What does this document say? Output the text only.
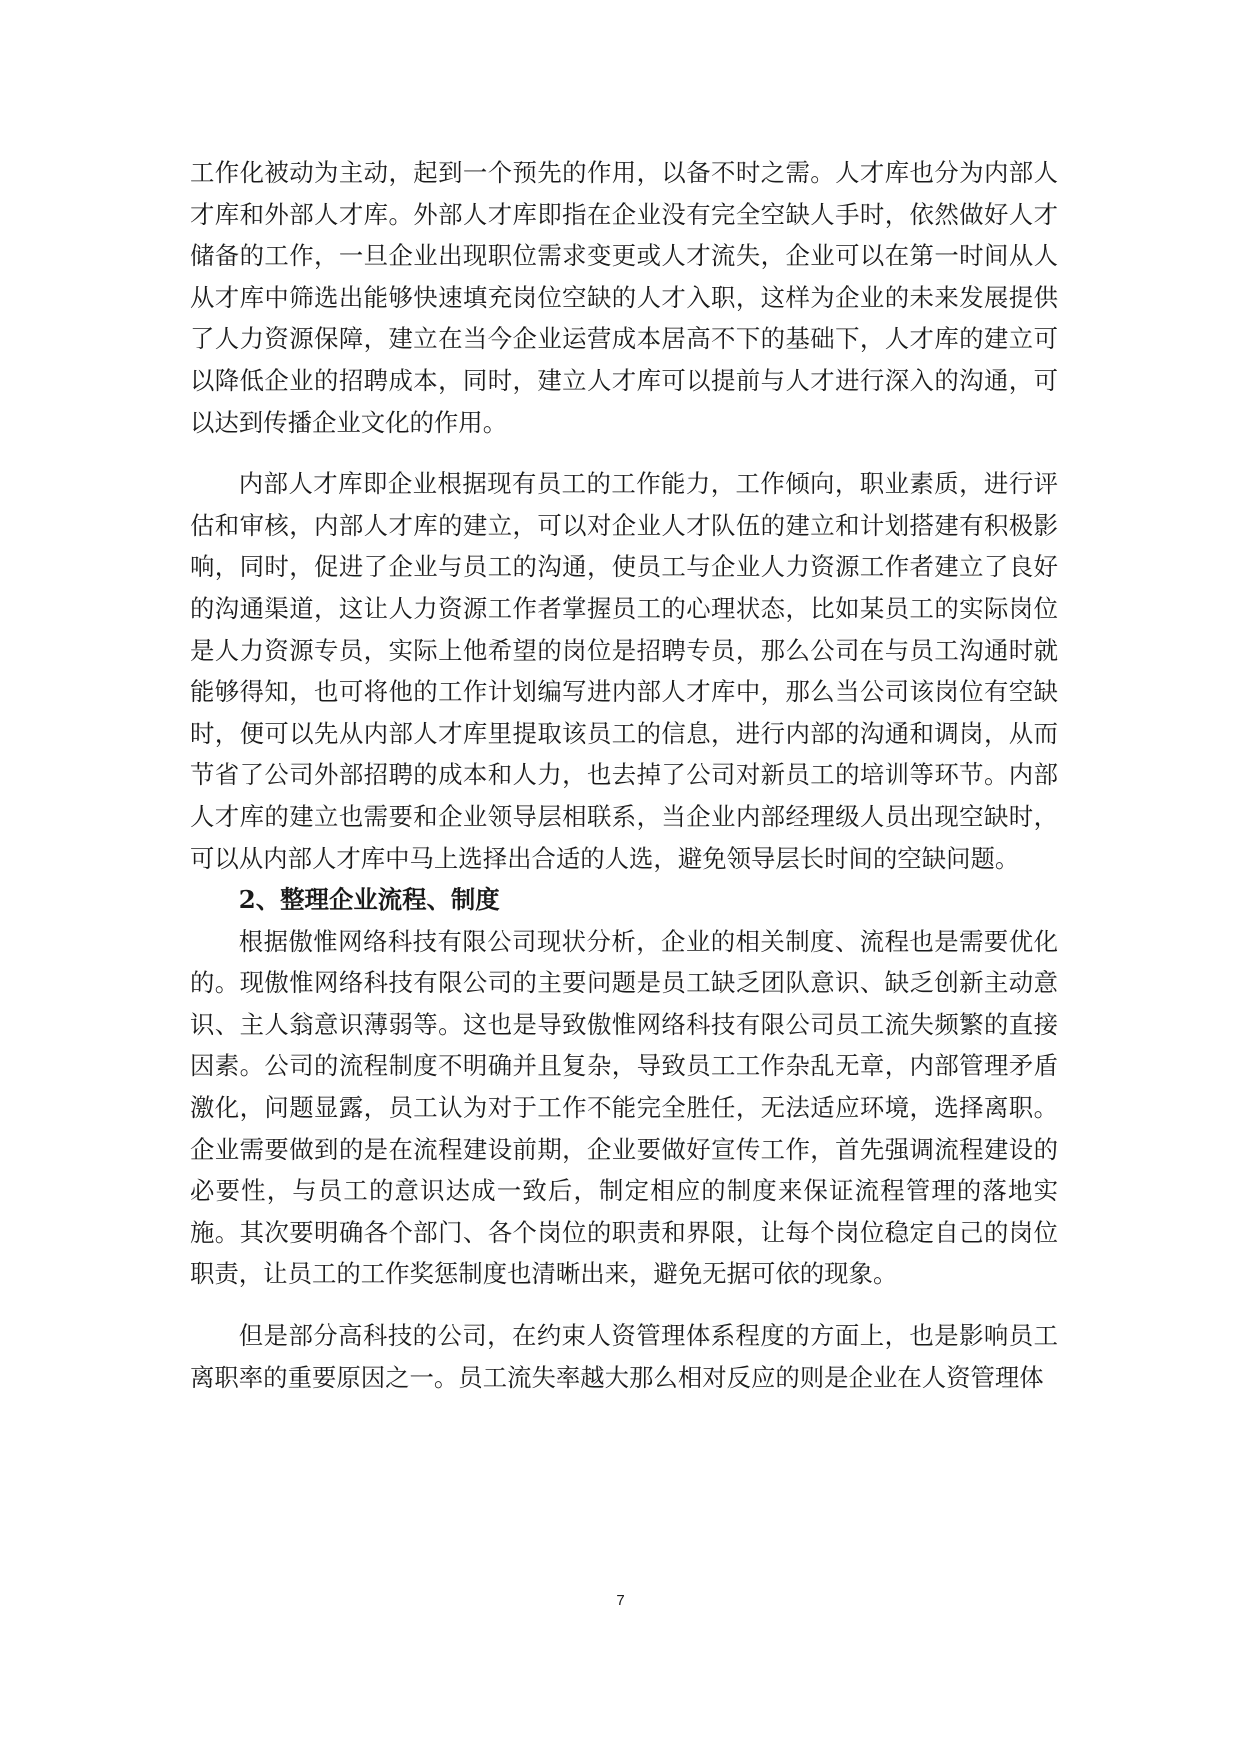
工作化被动为主动，起到一个预先的作用，以备不时之需。人才库也分为内部人才库和外部人才库。外部人才库即指在企业没有完全空缺人手时，依然做好人才储备的工作，一旦企业出现职位需求变更或人才流失，企业可以在第一时间从人从才库中筛选出能够快速填充岗位空缺的人才入职，这样为企业的未来发展提供了人力资源保障，建立在当今企业运营成本居高不下的基础下，人才库的建立可以降低企业的招聘成本，同时，建立人才库可以提前与人才进行深入的沟通，可以达到传播企业文化的作用。

内部人才库即企业根据现有员工的工作能力，工作倾向，职业素质，进行评估和审核，内部人才库的建立，可以对企业人才队伍的建立和计划搭建有积极影响，同时，促进了企业与员工的沟通，使员工与企业人力资源工作者建立了良好的沟通渠道，这让人力资源工作者掌握员工的心理状态，比如某员工的实际岗位是人力资源专员，实际上他希望的岗位是招聘专员，那么公司在与员工沟通时就能够得知，也可将他的工作计划编写进内部人才库中，那么当公司该岗位有空缺时，便可以先从内部人才库里提取该员工的信息，进行内部的沟通和调岗，从而节省了公司外部招聘的成本和人力，也去掉了公司对新员工的培训等环节。内部人才库的建立也需要和企业领导层相联系，当企业内部经理级人员出现空缺时，可以从内部人才库中马上选择出合适的人选，避免领导层长时间的空缺问题。

2、整理企业流程、制度

根据傲惟网络科技有限公司现状分析，企业的相关制度、流程也是需要优化的。现傲惟网络科技有限公司的主要问题是员工缺乏团队意识、缺乏创新主动意识、主人翁意识薄弱等。这也是导致傲惟网络科技有限公司员工流失频繁的直接因素。公司的流程制度不明确并且复杂，导致员工工作杂乱无章，内部管理矛盾激化，问题显露，员工认为对于工作不能完全胜任，无法适应环境，选择离职。企业需要做到的是在流程建设前期，企业要做好宣传工作，首先强调流程建设的必要性，与员工的意识达成一致后，制定相应的制度来保证流程管理的落地实施。其次要明确各个部门、各个岗位的职责和界限，让每个岗位稳定自己的岗位职责，让员工的工作奖惩制度也清晰出来，避免无据可依的现象。

但是部分高科技的公司，在约束人资管理体系程度的方面上，也是影响员工离职率的重要原因之一。员工流失率越大那么相对反应的则是企业在人资管理体

7
